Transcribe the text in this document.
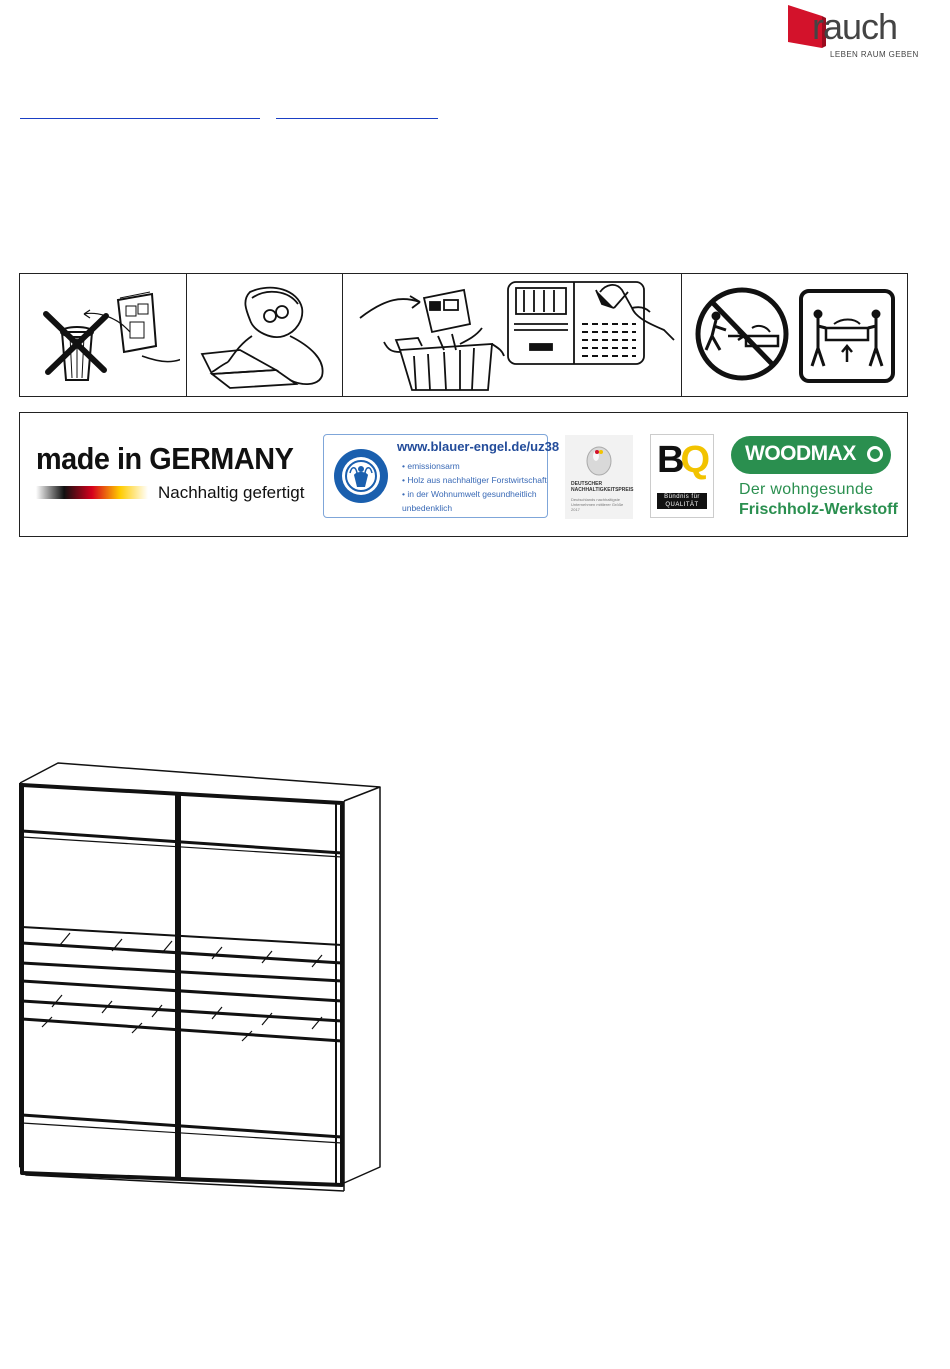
rauch
LEBEN RAUM GEBEN
made in GERMANY
Nachhaltig gefertigt
www.blauer-engel.de/uz38
• emissionsarm
• Holz aus nachhaltiger Forstwirtschaft
• in der Wohnumwelt gesundheitlich
unbedenklich
DEUTSCHER
NACHHALTIGKEITSPREIS
Deutschlands nachhaltigste Unternehmen mittlerer Größe 2017
BQ
Bündnis für
QUALITÄT
WOODMAX
Der wohngesunde
Frischholz-Werkstoff
